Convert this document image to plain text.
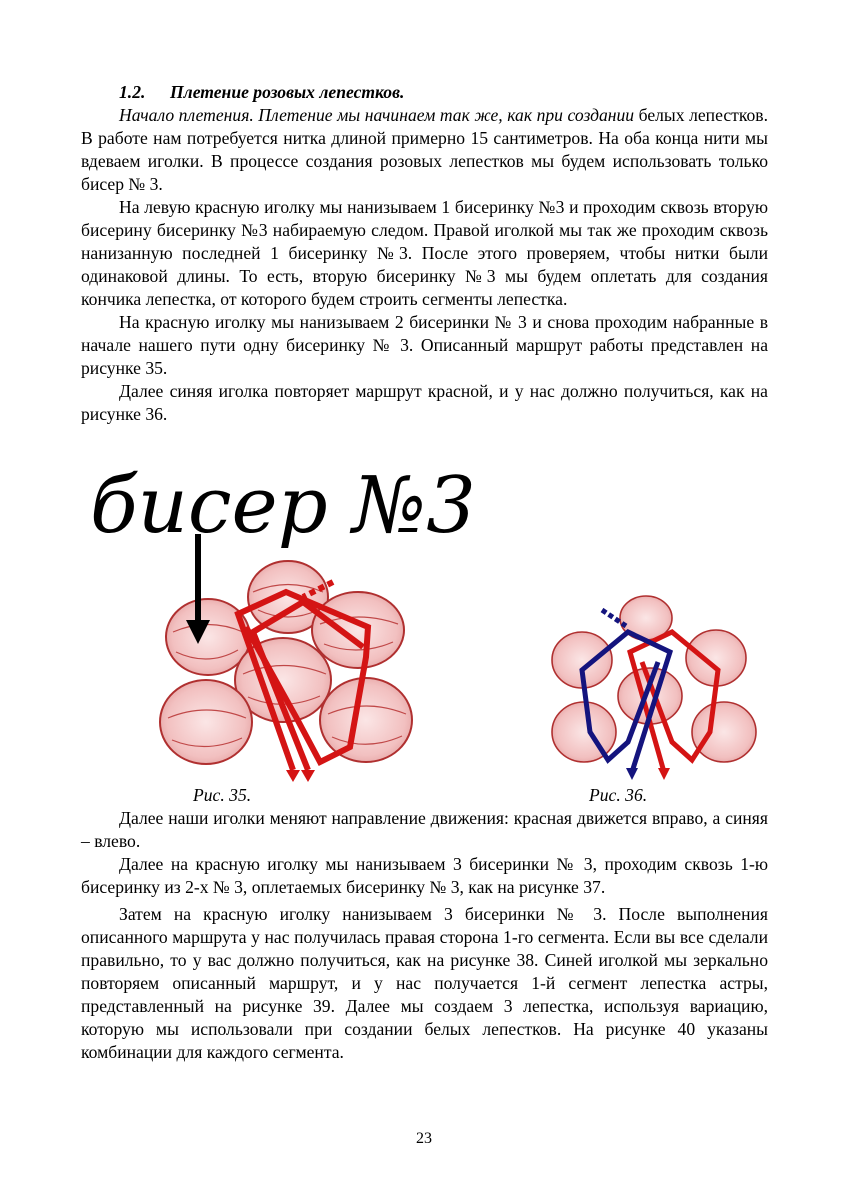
1.2. Плетение розовых лепестков.

Начало плетения. Плетение мы начинаем так же, как при создании белых лепестков. В работе нам потребуется нитка длиной примерно 15 сантиметров. На оба конца нити мы вдеваем иголки. В процессе создания розовых лепестков мы будем использовать только бисер № 3.

На левую красную иголку мы нанизываем 1 бисеринку №3 и проходим сквозь вторую бисерину бисеринку №3 набираемую следом. Правой иголкой мы так же проходим сквозь нанизанную последней 1 бисеринку №3. После этого проверяем, чтобы нитки были одинаковой длины. То есть, вторую бисеринку №3 мы будем оплетать для создания кончика лепестка, от которого будем строить сегменты лепестка.

На красную иголку мы нанизываем 2 бисеринки № 3 и снова проходим набранные в начале нашего пути одну бисеринку № 3. Описанный маршрут работы представлен на рисунке 35.

Далее синяя иголка повторяет маршрут красной, и у нас должно получиться, как на рисунке 36.

бисер №3
Рис. 35.	Рис. 36.

Далее наши иголки меняют направление движения: красная движется вправо, а синяя – влево.

Далее на красную иголку мы нанизываем 3 бисеринки № 3, проходим сквозь 1-ю бисеринку из 2-х № 3, оплетаемых бисеринку № 3, как на рисунке 37.

Затем на красную иголку нанизываем 3 бисеринки № 3. После выполнения описанного маршрута у нас получилась правая сторона 1-го сегмента. Если вы все сделали правильно, то у вас должно получиться, как на рисунке 38. Синей иголкой мы зеркально повторяем описанный маршрут, и у нас получается 1-й сегмент лепестка астры, представленный на рисунке 39. Далее мы создаем 3 лепестка, используя вариацию, которую мы использовали при создании белых лепестков. На рисунке 40 указаны комбинации для каждого сегмента.

23
